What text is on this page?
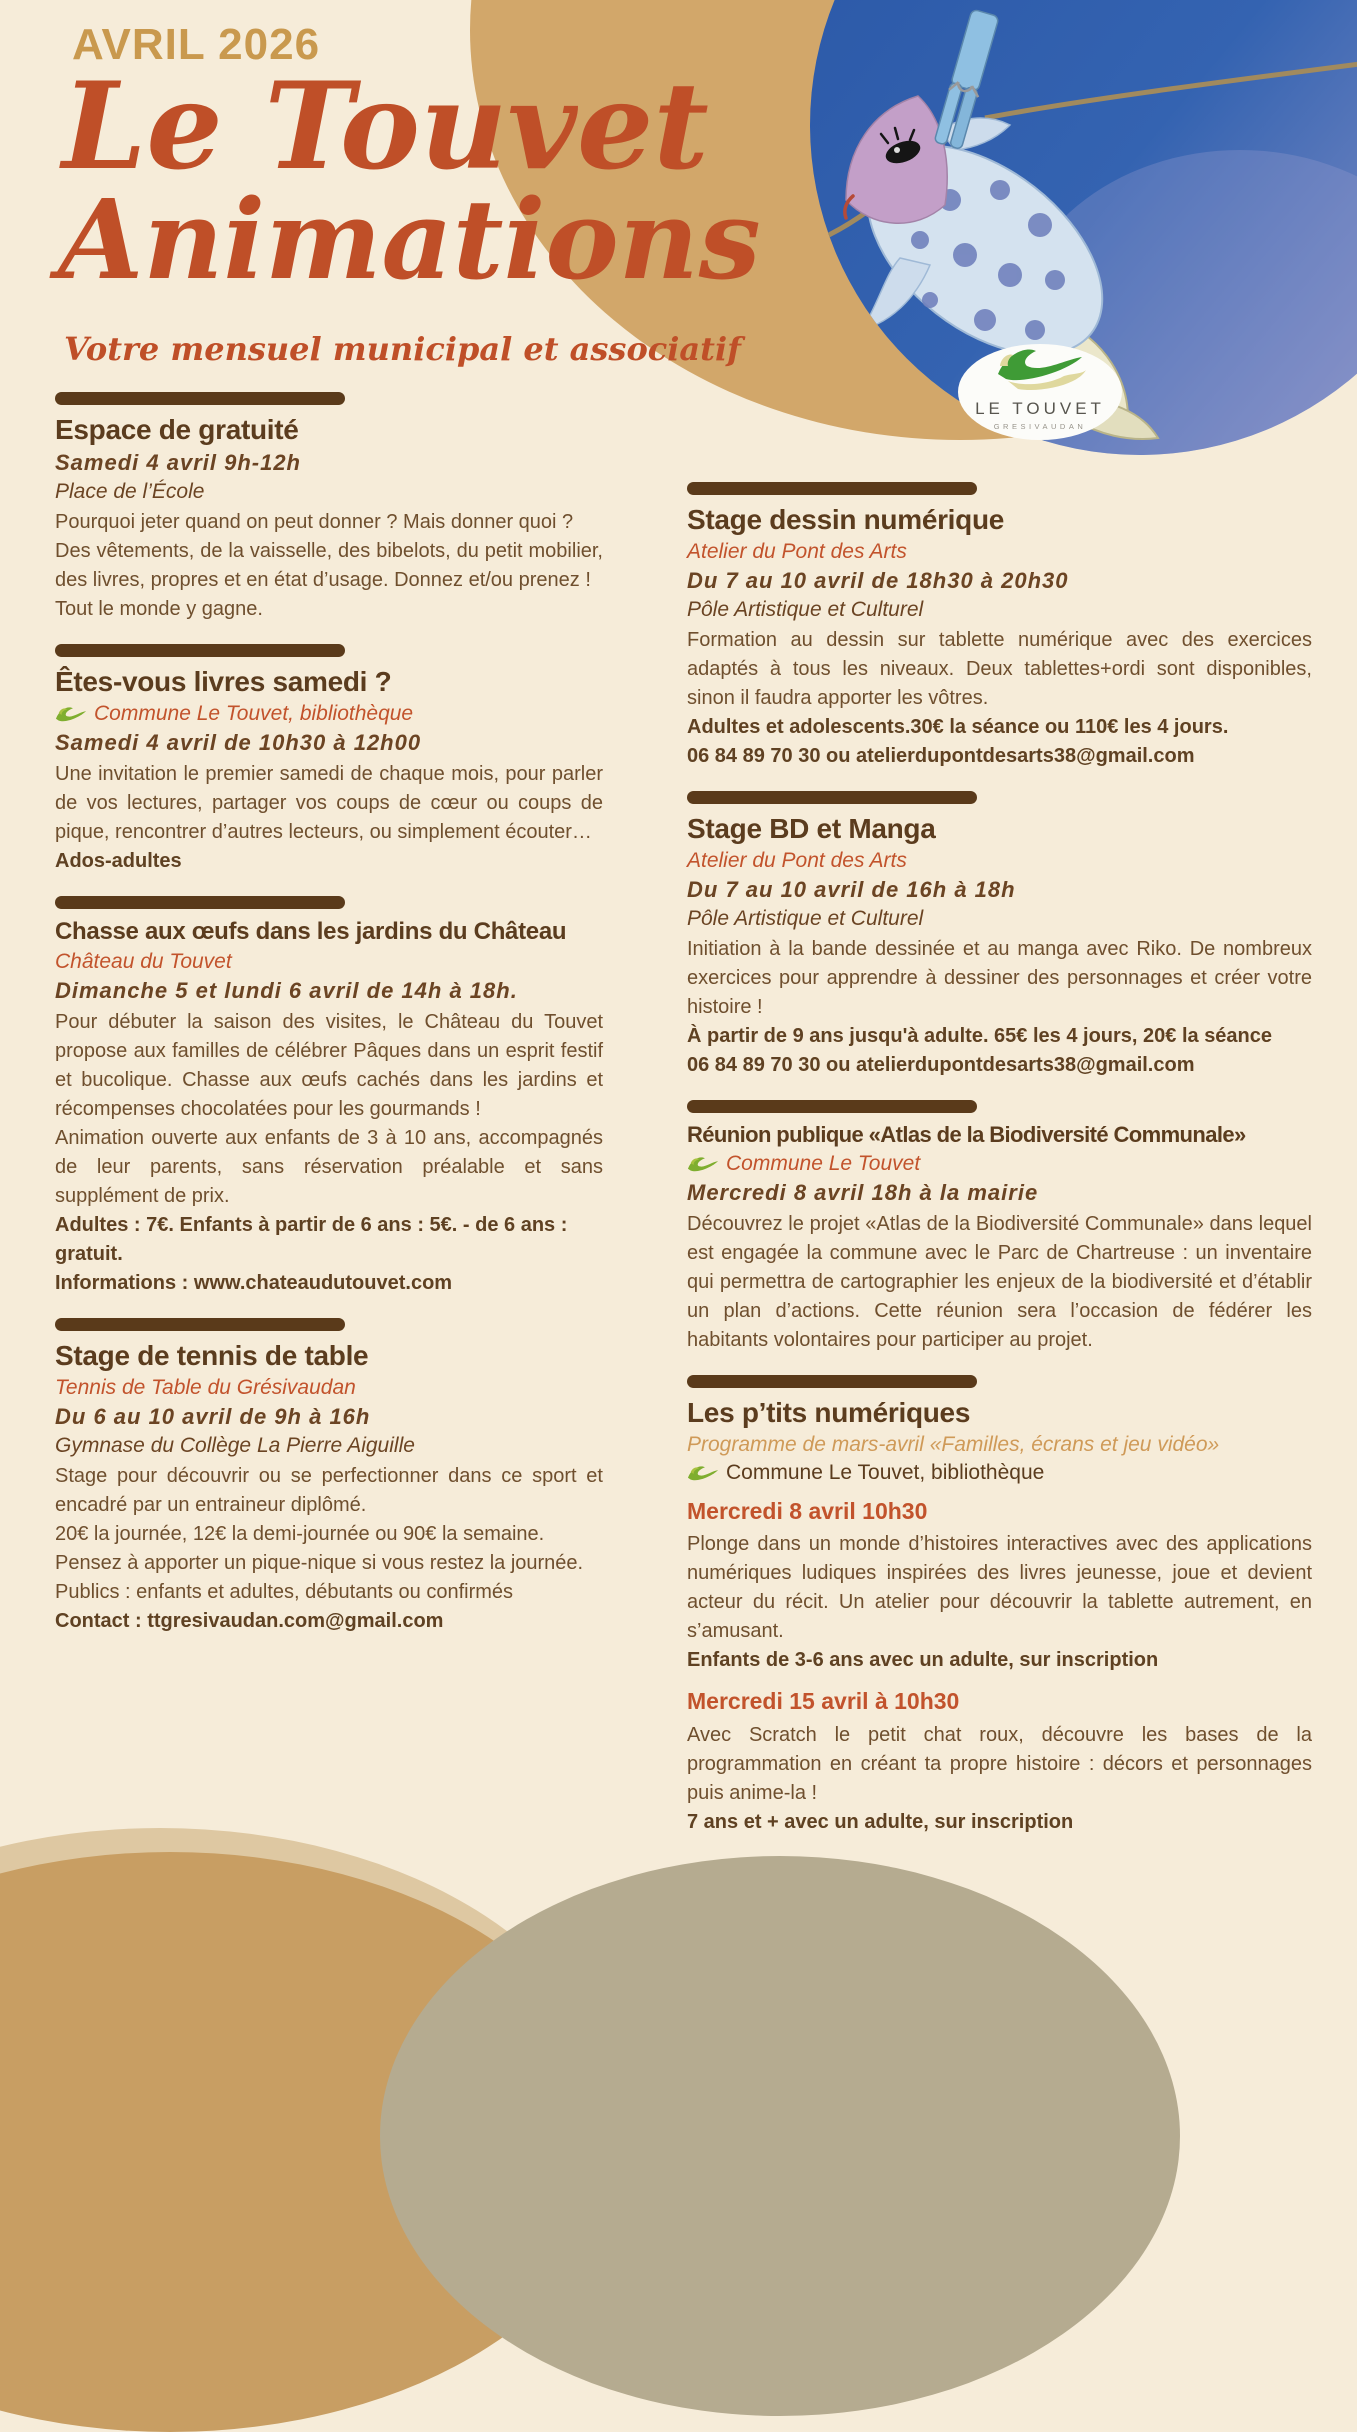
LE TOUVET
GRESIVAUDAN
AVRIL 2026
Le Touvet
Animations
Votre mensuel municipal et associatif
Espace de gratuité

Samedi 4 avril 9h-12h

Place de l’École

Pourquoi jeter quand on peut donner ? Mais donner quoi ?

Des vêtements, de la vaisselle, des bibelots, du petit mobilier, des livres, propres et en état d’usage. Donnez et/ou prenez !

Tout le monde y gagne.

Êtes-vous livres samedi ?

Commune Le Touvet, bibliothèque

Samedi 4 avril de 10h30 à 12h00

Une invitation le premier samedi de chaque mois, pour parler de vos lectures, partager vos coups de cœur ou coups de pique, rencontrer d’autres lecteurs, ou simplement écouter…

Ados-adultes

Chasse aux œufs dans les jardins du Château

Château du Touvet

Dimanche 5 et lundi 6 avril de 14h à 18h.

Pour débuter la saison des visites, le Château du Touvet propose aux familles de célébrer Pâques dans un esprit festif et bucolique. Chasse aux œufs cachés dans les jardins et récompenses chocolatées pour les gourmands !

Animation ouverte aux enfants de 3 à 10 ans, accompagnés de leur parents, sans réservation préalable et sans supplément de prix.

Adultes : 7€. Enfants à partir de 6 ans : 5€. - de 6 ans : gratuit.

Informations : www.chateaudutouvet.com

Stage de tennis de table

Tennis de Table du Grésivaudan

Du 6 au 10 avril de 9h à 16h

Gymnase du Collège La Pierre Aiguille

Stage pour découvrir ou se perfectionner dans ce sport et encadré par un entraineur diplômé.

20€ la journée, 12€ la demi-journée ou 90€ la semaine.

Pensez à apporter un pique-nique si vous restez la journée.

Publics : enfants et adultes, débutants ou confirmés

Contact : ttgresivaudan.com@gmail.com

Stage dessin numérique

Atelier du Pont des Arts

Du 7 au 10 avril de 18h30 à 20h30

Pôle Artistique et Culturel

Formation au dessin sur tablette numérique avec des exercices adaptés à tous les niveaux. Deux tablettes+ordi sont disponibles, sinon il faudra apporter les vôtres.

Adultes et adolescents.30€ la séance ou 110€ les 4 jours.

06 84 89 70 30 ou atelierdupontdesarts38@gmail.com

Stage BD et Manga

Atelier du Pont des Arts

Du 7 au 10 avril de 16h à 18h

Pôle Artistique et Culturel

Initiation à la bande dessinée et au manga avec Riko. De nombreux exercices pour apprendre à dessiner des personnages et créer votre histoire !

À partir de 9 ans jusqu'à adulte. 65€ les 4 jours, 20€ la séance

06 84 89 70 30 ou atelierdupontdesarts38@gmail.com

Réunion publique «Atlas de la Biodiversité Communale»

Commune Le Touvet

Mercredi 8 avril 18h à la mairie

Découvrez le projet «Atlas de la Biodiversité Communale» dans lequel est engagée la commune avec le Parc de Chartreuse : un inventaire qui permettra de cartographier les enjeux de la biodiversité et d’établir un plan d’actions. Cette réunion sera l’occasion de fédérer les habitants volontaires pour participer au projet.

Les p’tits numériques

Programme de mars-avril «Familles, écrans et jeu vidéo»

Commune Le Touvet, bibliothèque

Mercredi 8 avril 10h30

Plonge dans un monde d’histoires interactives avec des applications numériques ludiques inspirées des livres jeunesse, joue et devient acteur du récit. Un atelier pour découvrir la tablette autrement, en s’amusant.

Enfants de 3-6 ans avec un adulte, sur inscription

Mercredi 15 avril à 10h30

Avec Scratch le petit chat roux, découvre les bases de la programmation en créant ta propre histoire : décors et personnages puis anime-la !

7 ans et + avec un adulte, sur inscription
